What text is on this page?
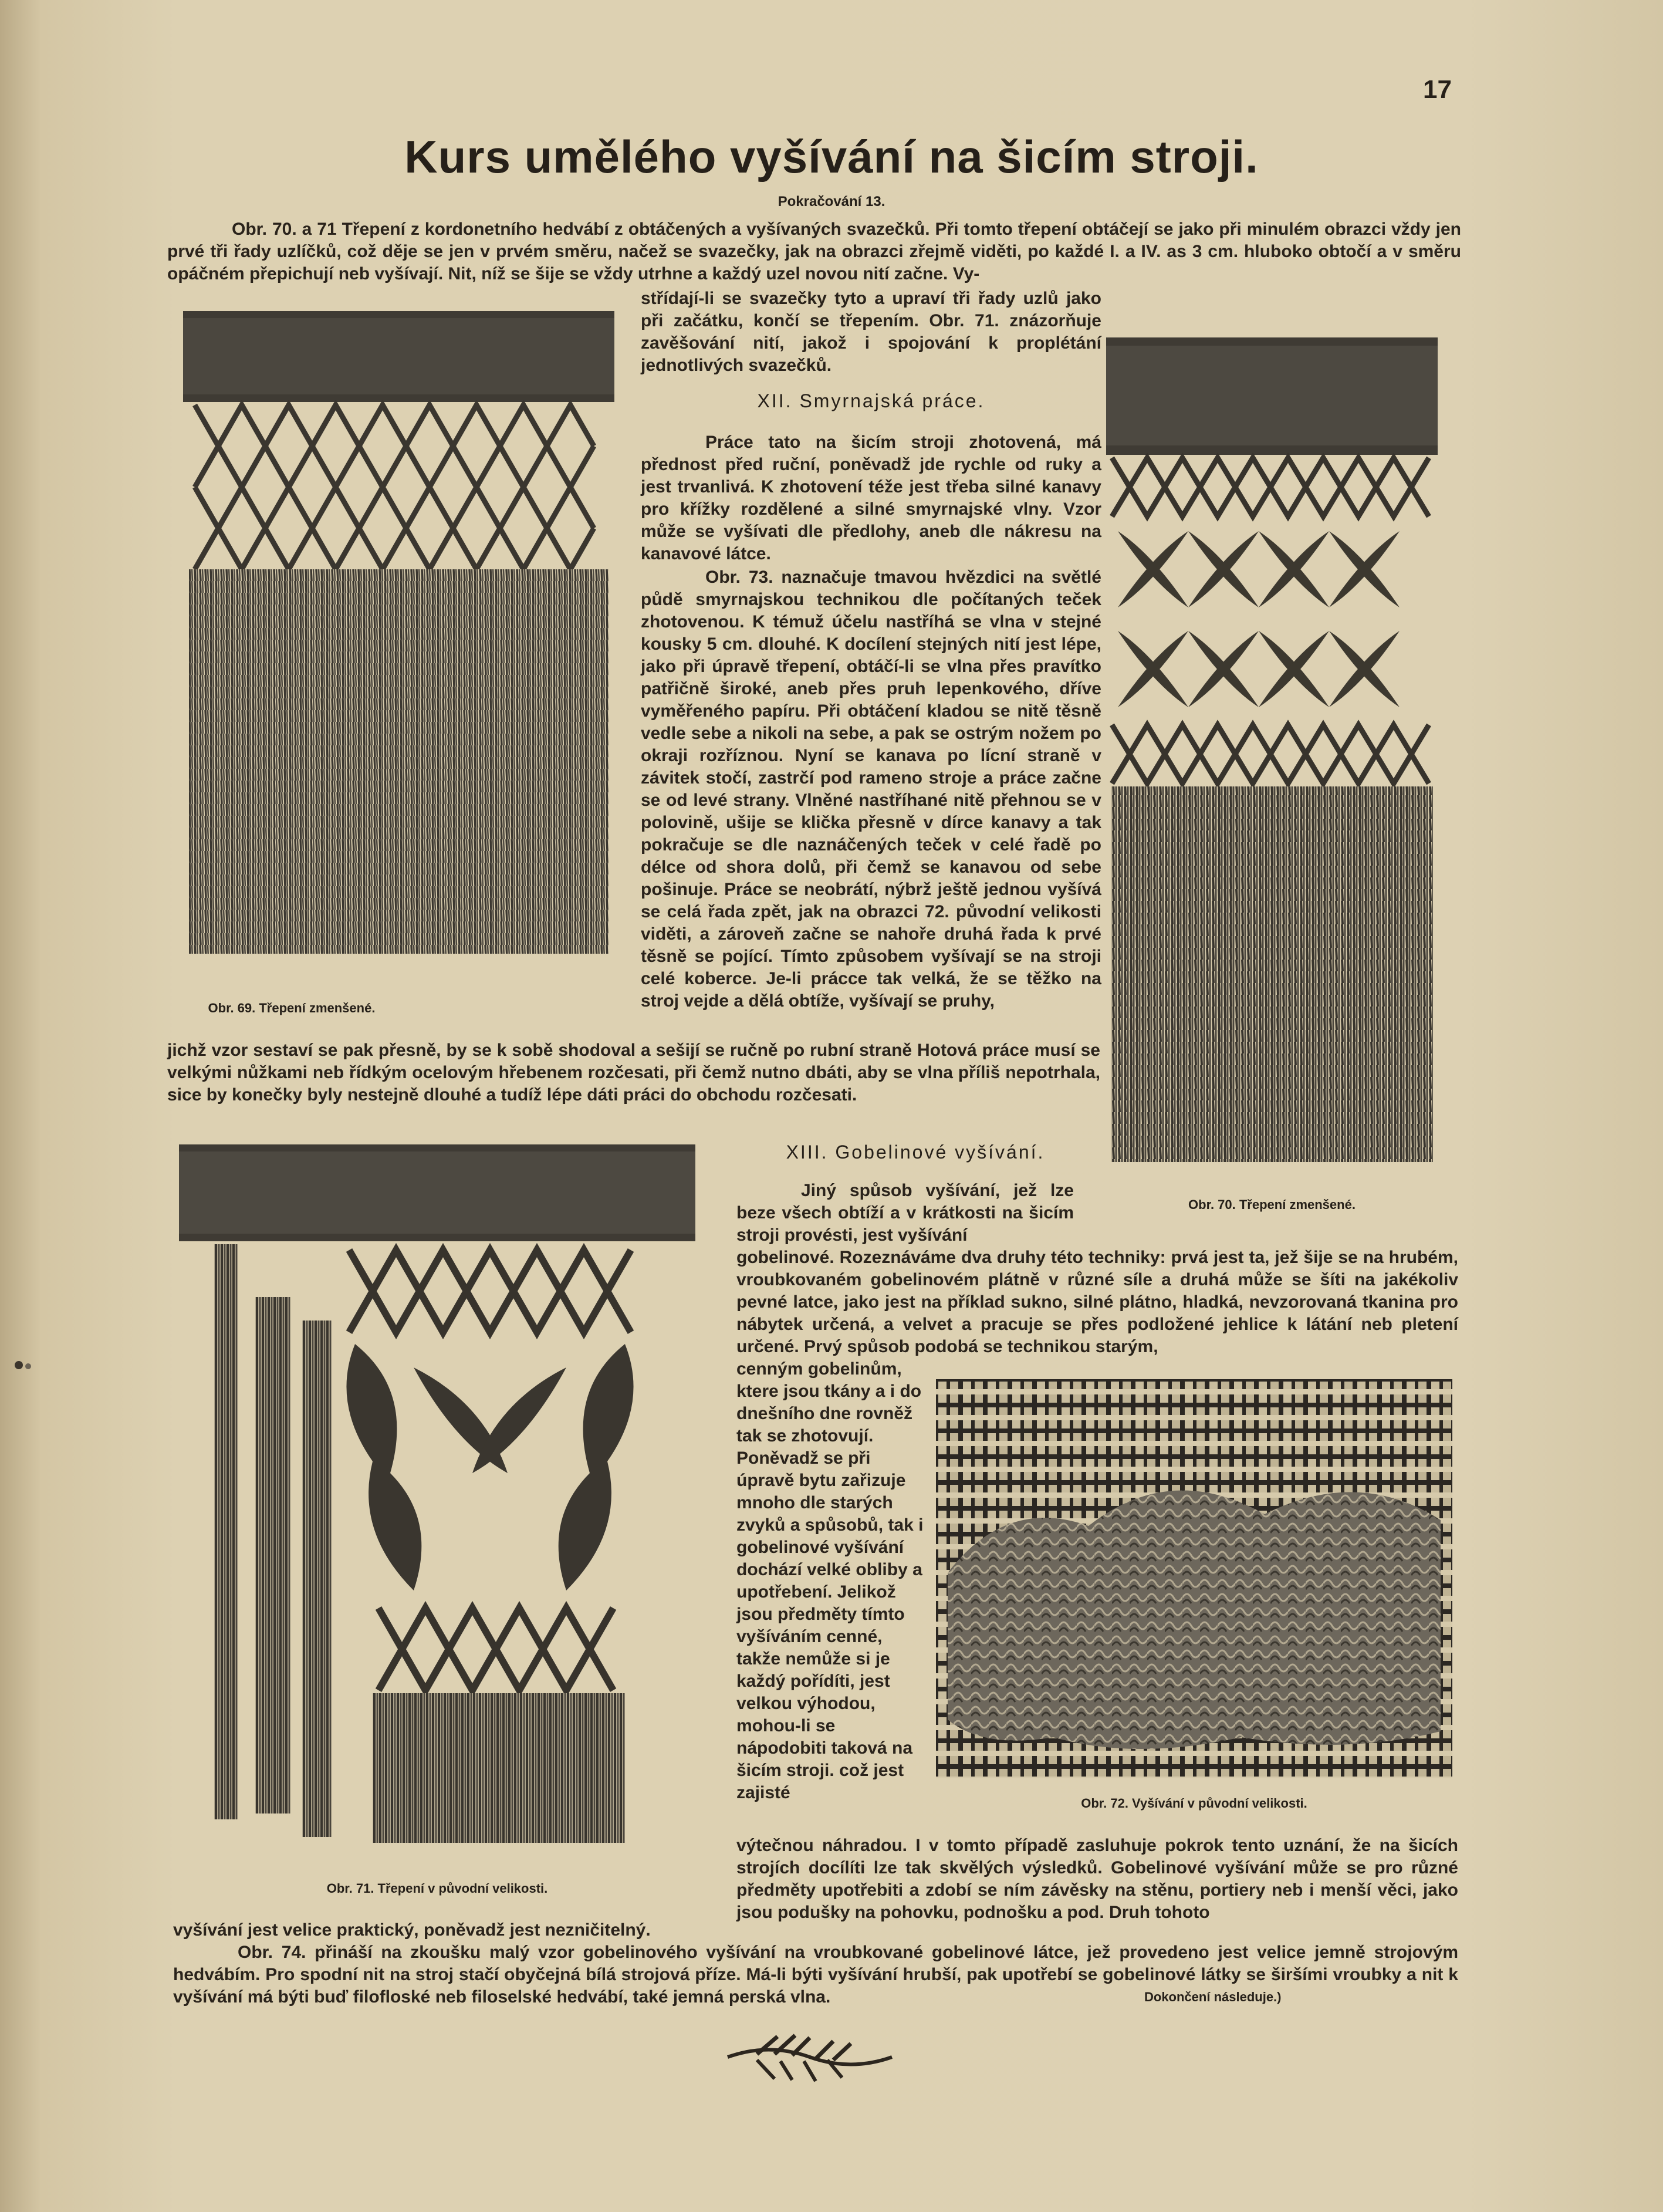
17
Kurs umělého vyšívání na šicím stroji.
Pokračování 13.

Obr. 70. a 71 Třepení z kordonetního hedvábí z obtáčených a vyšívaných svazečků. Při tomto třepení obtáčejí se jako při minulém obrazci vždy jen prvé tři řady uzlíčků, což děje se jen v prvém směru, načež se svazečky, jak na obrazci zřejmě viděti, po každé I. a IV. as 3 cm. hluboko obtočí a v směru opáčném přepichují neb vyšívají. Nit, níž se šije se vždy utrhne a každý uzel novou nití začne. Vy-

Obr. 69. Třepení zmenšené.

střídají-li se svazečky tyto a upraví tři řady uzlů jako při začátku, končí se třepením. Obr. 71. znázorňuje zavěšování nití, jakož i spojování k proplétání jednotlivých svazečků.

XII. Smyrnajská práce.

Práce tato na šicím stroji zhotovená, má přednost před ruční, poněvadž jde rychle od ruky a jest trvanlivá. K zhotovení téže jest třeba silné kanavy pro křížky rozdělené a silné smyrnajské vlny. Vzor může se vyšívati dle předlohy, aneb dle nákresu na kanavové látce.

Obr. 73. naznačuje tmavou hvězdici na světlé půdě smyrnajskou technikou dle počítaných teček zhotovenou. K témuž účelu nastříhá se vlna v stejné kousky 5 cm. dlouhé. K docílení stejných nití jest lépe, jako při úpravě třepení, obtáčí-li se vlna přes pravítko patřičně široké, aneb přes pruh lepenkového, dříve vyměřeného papíru. Při obtáčení kladou se nitě těsně vedle sebe a nikoli na sebe, a pak se ostrým nožem po okraji rozříznou. Nyní se kanava po lícní straně v závitek stočí, zastrčí pod rameno stroje a práce začne se od levé strany. Vlněné nastříhané nitě přehnou se v polovině, ušije se klička přesně v dírce kanavy a tak pokračuje se dle naznáčených teček v celé řadě po délce od shora dolů, při čemž se kanavou od sebe pošinuje. Práce se neobrátí, nýbrž ještě jednou vyšívá se celá řada zpět, jak na obrazci 72. původní velikosti viděti, a zároveň začne se nahoře druhá řada k prvé těsně se pojící. Tímto způsobem vyšívají se na stroji celé koberce. Je-li prácce tak velká, že se těžko na stroj vejde a dělá obtíže, vyšívají se pruhy,

Obr. 70. Třepení zmenšené.

jichž vzor sestaví se pak přesně, by se k sobě shodoval a sešijí se ručně po rubní straně Hotová práce musí se velkými nůžkami neb řídkým ocelovým hřebenem rozčesati, při čemž nutno dbáti, aby se vlna příliš nepotrhala, sice by konečky byly nestejně dlouhé a tudíž lépe dáti práci do obchodu rozčesati.

Obr. 71. Třepení v původní velikosti.
XIII. Gobelinové vyšívání.

Jiný spůsob vyšívání, jež lze beze všech obtíží a v krátkosti na šicím stroji provésti, jest vyšívání

gobelinové. Rozeznáváme dva druhy této techniky: prvá jest ta, jež šije se na hrubém, vroubkovaném gobelinovém plátně v různé síle a druhá může se šíti na jakékoliv pevné latce, jako jest na příklad sukno, silné plátno, hladká, nevzorovaná tkanina pro nábytek určená, a velvet a pracuje se přes podložené jehlice k látání neb pletení určené. Prvý spůsob podobá se technikou starým,

cenným gobelinům, ktere jsou tkány a i do dnešního dne rovněž tak se zhotovují. Poněvadž se při úpravě bytu zařizuje mnoho dle starých zvyků a spůsobů, tak i gobelinové vyšívání dochází velké obliby a upotřebení. Jelikož jsou předměty tímto vyšíváním cenné, takže nemůže si je každý pořídíti, jest velkou výhodou, mohou-li se nápodobiti taková na šicím stroji. což jest zajisté

Obr. 72. Vyšívání v původní velikosti.

výtečnou náhradou. I v tomto případě zasluhuje pokrok tento uznání, že na šicích strojích docílíti lze tak skvělých výsledků. Gobelinové vyšívání může se pro různé předměty upotřebiti a zdobí se ním závěsky na stěnu, portiery neb i menší věci, jako jsou podušky na pohovku, podnošku a pod. Druh tohoto

vyšívání jest velice praktický, poněvadž jest nezničitelný.

Obr. 74. přináší na zkoušku malý vzor gobelinového vyšívání na vroubkované gobelinové látce, jež provedeno jest velice jemně strojovým hedvábím. Pro spodní nit na stroj stačí obyčejná bílá strojová příze. Má-li býti vyšívání hrubší, pak upotřebí se gobelinové látky se širšími vroubky a nit k vyšívání má býti buď filofloské neb filoselské hedvábí, také jemná perská vlna.	Dokončení následuje.)
